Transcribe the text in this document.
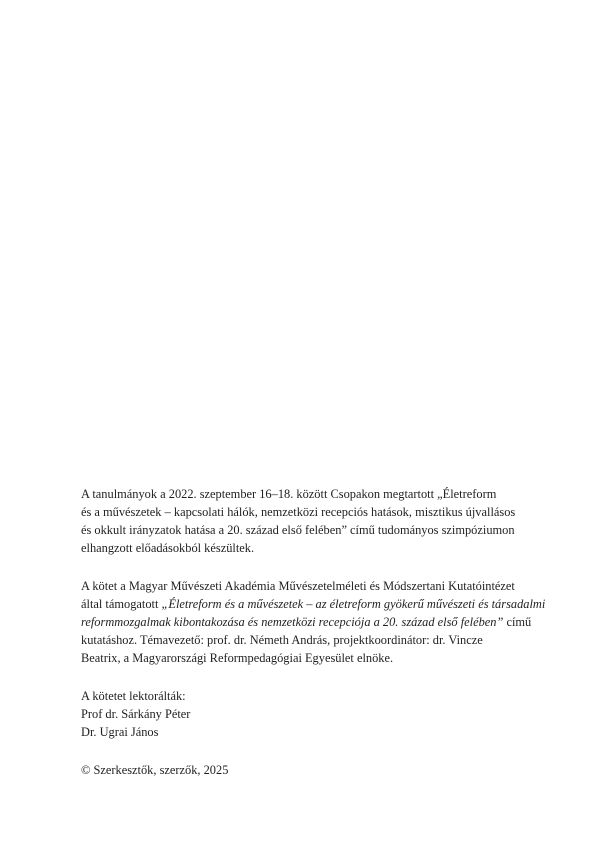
A tanulmányok a 2022. szeptember 16–18. között Csopakon megtartott „Életreform
és a művészetek – kapcsolati hálók, nemzetközi recepciós hatások, misztikus újvallásos
és okkult irányzatok hatása a 20. század első felében” című tudományos szimpóziumon
elhangzott előadásokból készültek.

A kötet a Magyar Művészeti Akadémia Művészetelméleti és Módszertani Kutatóintézet
által támogatott „Életreform és a művészetek – az életreform gyökerű művészeti és társadalmi
reformmozgalmak kibontakozása és nemzetközi recepciója a 20. század első felében” című
kutatáshoz. Témavezető: prof. dr. Németh András, projektkoordinátor: dr. Vincze
Beatrix, a Magyarországi Reformpedagógiai Egyesület elnöke.

A kötetet lektorálták:
Prof dr. Sárkány Péter
Dr. Ugrai János
© Szerkesztők, szerzők, 2025
